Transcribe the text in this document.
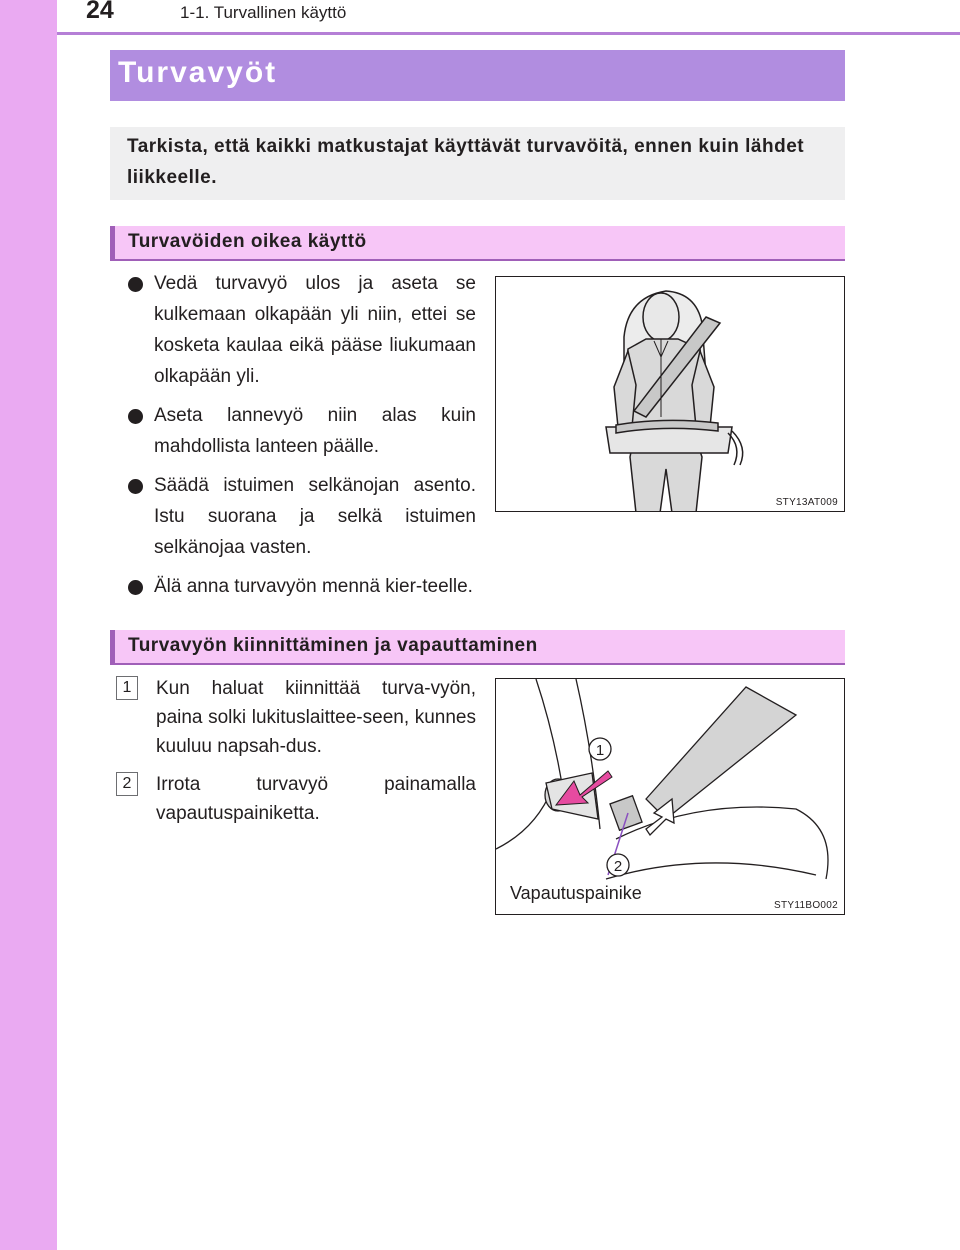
24	1-1. Turvallinen käyttö
Turvavyöt

Tarkista, että kaikki matkustajat käyttävät turvavöitä, ennen kuin lähdet liikkeelle.

Turvavöiden oikea käyttö
Vedä turvavyö ulos ja aseta se kulkemaan olkapään yli niin, ettei se kosketa kaulaa eikä pääse liukumaan olkapään yli.
Aseta lannevyö niin alas kuin mahdollista lanteen päälle.
Säädä istuimen selkänojan asento. Istu suorana ja selkä istuimen selkänojaa vasten.
Älä anna turvavyön mennä kier-teelle.
STY13AT009
Turvavyön kiinnittäminen ja vapauttaminen
1	Kun haluat kiinnittää turva-vyön, paina solki lukituslaittee-seen, kunnes kuuluu napsah-dus.
2	Irrota turvavyö painamalla vapautuspainiketta.
1
2
Vapautuspainike
STY11BO002
